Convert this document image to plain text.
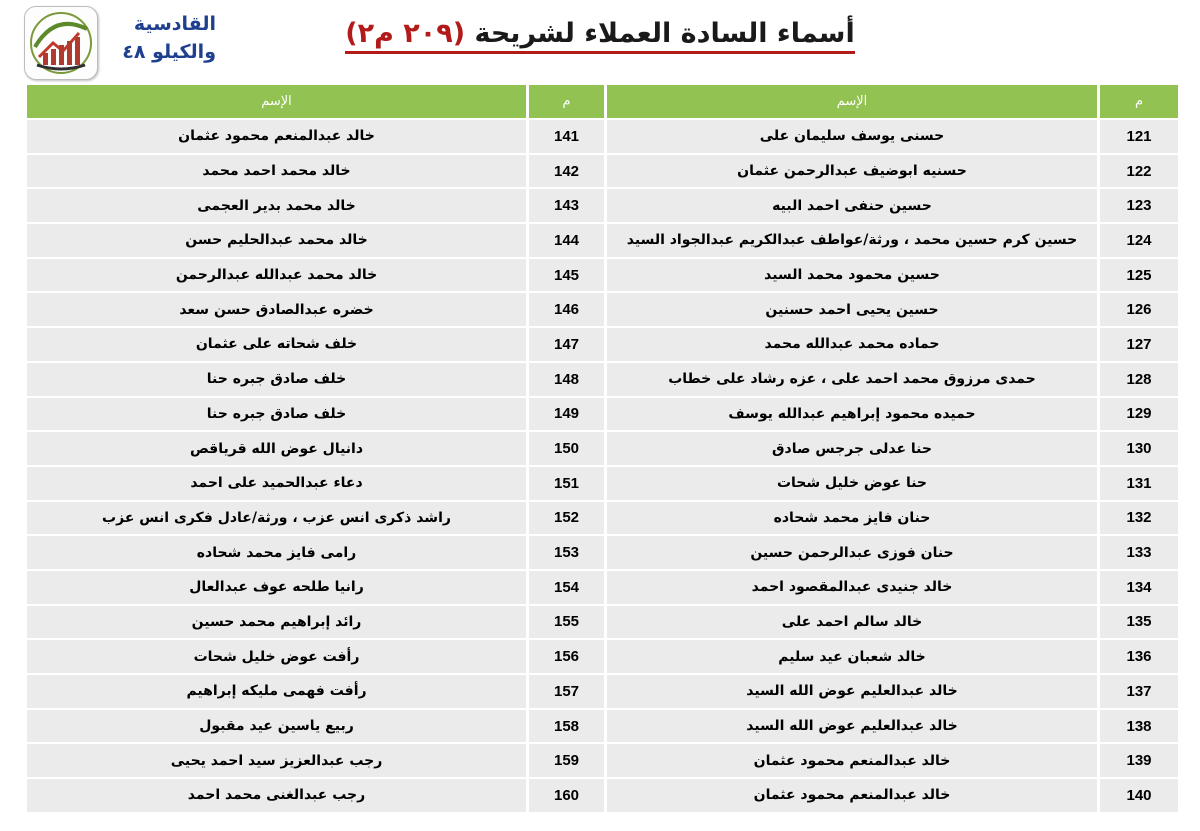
القادسية
والكيلو ٤٨
أسماء السادة العملاء لشريحة (٢٠٩ م٢)
م	الإسم	م	الإسم
121	حسنى يوسف سليمان على	141	خالد عبدالمنعم محمود عثمان
122	حسنيه ابوضيف عبدالرحمن عثمان	142	خالد محمد احمد محمد
123	حسين حنفى احمد البيه	143	خالد محمد بدير العجمى
124	حسين كرم حسين محمد ، ورثة/عواطف عبدالكريم عبدالجواد السيد	144	خالد محمد عبدالحليم حسن
125	حسين محمود محمد السيد	145	خالد محمد عبدالله عبدالرحمن
126	حسين يحيى احمد حسنين	146	خضره عبدالصادق حسن سعد
127	حماده محمد عبدالله محمد	147	خلف شحاته على عثمان
128	حمدى مرزوق محمد احمد على ، عزه رشاد على خطاب	148	خلف صادق جبره حنا
129	حميده محمود إبراهيم عبدالله يوسف	149	خلف صادق جبره حنا
130	حنا عدلى جرجس صادق	150	دانيال عوض الله قرياقص
131	حنا عوض خليل شحات	151	دعاء عبدالحميد على احمد
132	حنان فايز محمد شحاده	152	راشد ذكرى انس عزب ، ورثة/عادل فكرى انس عزب
133	حنان فوزى عبدالرحمن حسين	153	رامى فايز محمد شحاده
134	خالد جنيدى عبدالمقصود احمد	154	رانيا طلحه عوف عبدالعال
135	خالد سالم احمد على	155	رائد إبراهيم محمد حسين
136	خالد شعبان عيد سليم	156	رأفت عوض خليل شحات
137	خالد عبدالعليم عوض الله السيد	157	رأفت فهمى مليكه إبراهيم
138	خالد عبدالعليم عوض الله السيد	158	ربيع ياسين عيد مقبول
139	خالد عبدالمنعم محمود عثمان	159	رجب عبدالعزيز سيد احمد يحيى
140	خالد عبدالمنعم محمود عثمان	160	رجب عبدالغنى محمد احمد
